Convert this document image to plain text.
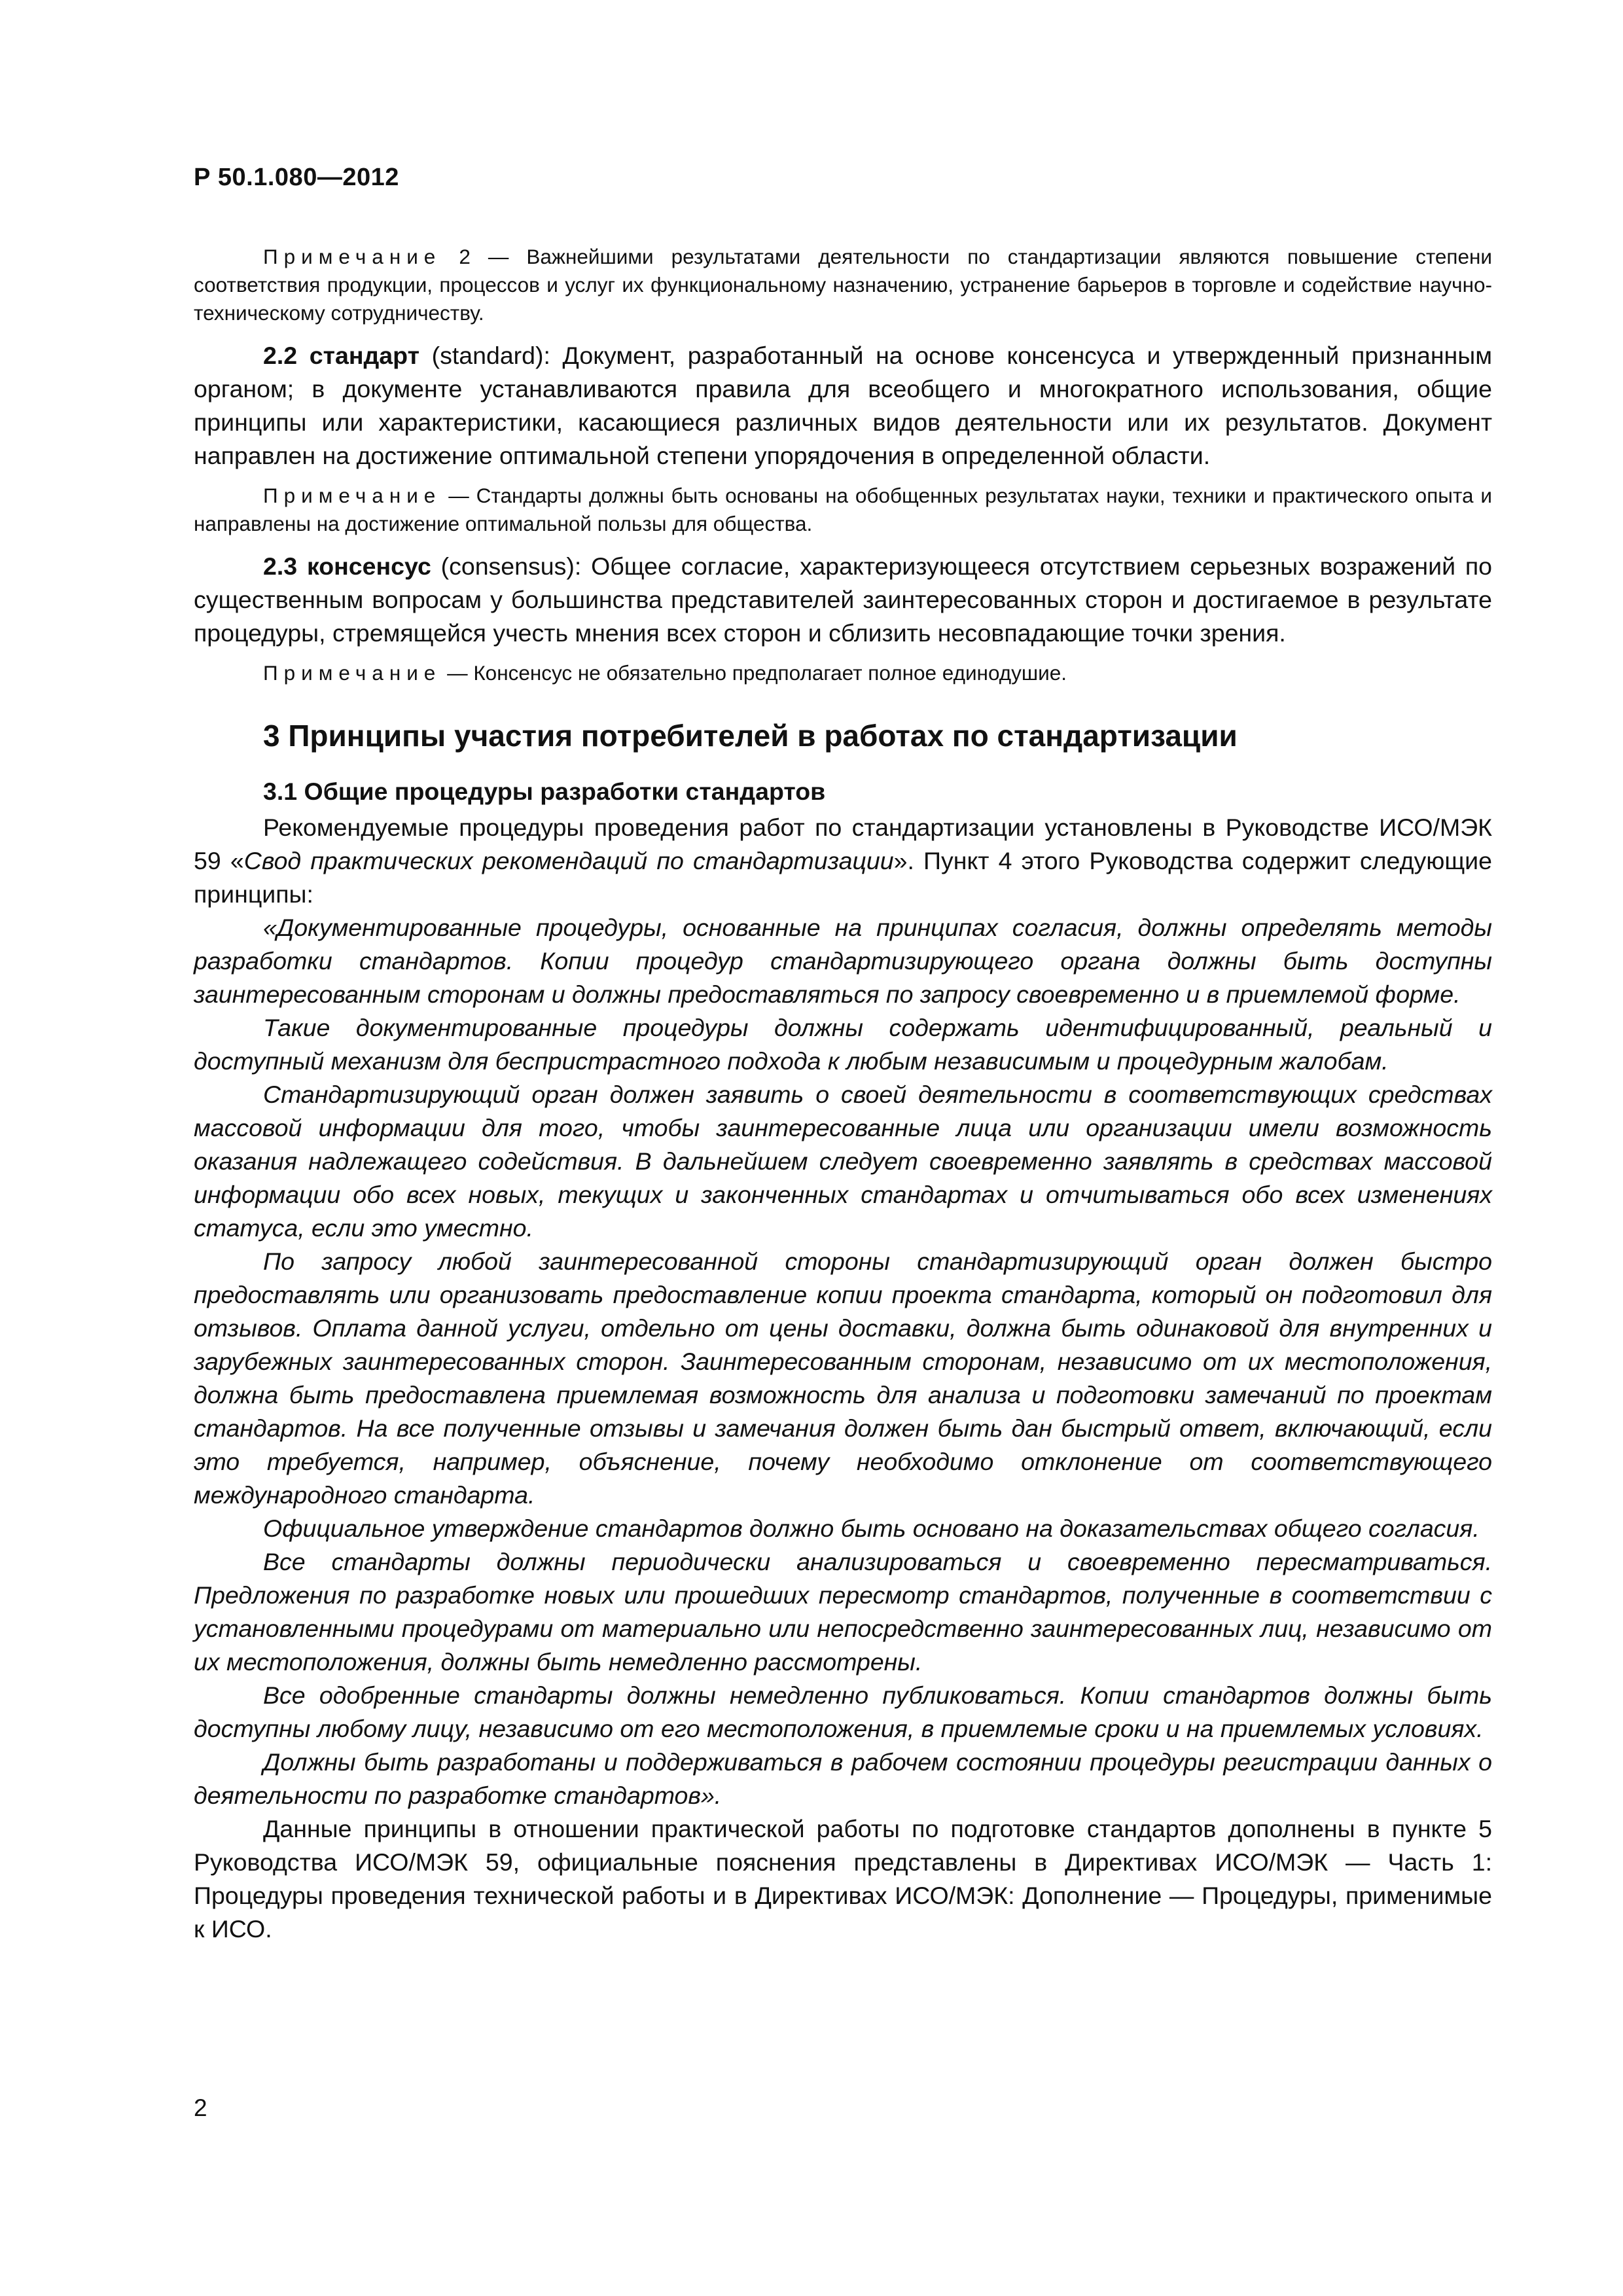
Р 50.1.080—2012

Примечание 2 — Важнейшими результатами деятельности по стандартизации являются повышение степени соответствия продукции, процессов и услуг их функциональному назначению, устранение барьеров в торговле и содействие научно-техническому сотрудничеству.

2.2 стандарт (standard): Документ, разработанный на основе консенсуса и утвержденный признанным органом; в документе устанавливаются правила для всеобщего и многократного использования, общие принципы или характеристики, касающиеся различных видов деятельности или их результатов. Документ направлен на достижение оптимальной степени упорядочения в определенной области.

Примечание — Стандарты должны быть основаны на обобщенных результатах науки, техники и практического опыта и направлены на достижение оптимальной пользы для общества.

2.3 консенсус (consensus): Общее согласие, характеризующееся отсутствием серьезных возражений по существенным вопросам у большинства представителей заинтересованных сторон и достигаемое в результате процедуры, стремящейся учесть мнения всех сторон и сблизить несовпадающие точки зрения.

Примечание — Консенсус не обязательно предполагает полное единодушие.

3 Принципы участия потребителей в работах по стандартизации
3.1 Общие процедуры разработки стандартов

Рекомендуемые процедуры проведения работ по стандартизации установлены в Руководстве ИСО/МЭК 59 «Свод практических рекомендаций по стандартизации». Пункт 4 этого Руководства содержит следующие принципы:

«Документированные процедуры, основанные на принципах согласия, должны определять методы разработки стандартов. Копии процедур стандартизирующего органа должны быть доступны заинтересованным сторонам и должны предоставляться по запросу своевременно и в приемлемой форме.

Такие документированные процедуры должны содержать идентифицированный, реальный и доступный механизм для беспристрастного подхода к любым независимым и процедурным жалобам.

Стандартизирующий орган должен заявить о своей деятельности в соответствующих средствах массовой информации для того, чтобы заинтересованные лица или организации имели возможность оказания надлежащего содействия. В дальнейшем следует своевременно заявлять в средствах массовой информации обо всех новых, текущих и законченных стандартах и отчитываться обо всех изменениях статуса, если это уместно.

По запросу любой заинтересованной стороны стандартизирующий орган должен быстро предоставлять или организовать предоставление копии проекта стандарта, который он подготовил для отзывов. Оплата данной услуги, отдельно от цены доставки, должна быть одинаковой для внутренних и зарубежных заинтересованных сторон. Заинтересованным сторонам, независимо от их местоположения, должна быть предоставлена приемлемая возможность для анализа и подготовки замечаний по проектам стандартов. На все полученные отзывы и замечания должен быть дан быстрый ответ, включающий, если это требуется, например, объяснение, почему необходимо отклонение от соответствующего международного стандарта.

Официальное утверждение стандартов должно быть основано на доказательствах общего согласия.

Все стандарты должны периодически анализироваться и своевременно пересматриваться. Предложения по разработке новых или прошедших пересмотр стандартов, полученные в соответствии с установленными процедурами от материально или непосредственно заинтересованных лиц, независимо от их местоположения, должны быть немедленно рассмотрены.

Все одобренные стандарты должны немедленно публиковаться. Копии стандартов должны быть доступны любому лицу, независимо от его местоположения, в приемлемые сроки и на приемлемых условиях.

Должны быть разработаны и поддерживаться в рабочем состоянии процедуры регистрации данных о деятельности по разработке стандартов».

Данные принципы в отношении практической работы по подготовке стандартов дополнены в пункте 5 Руководства ИСО/МЭК 59, официальные пояснения представлены в Директивах ИСО/МЭК — Часть 1: Процедуры проведения технической работы и в Директивах ИСО/МЭК: Дополнение — Процедуры, применимые к ИСО.

2
